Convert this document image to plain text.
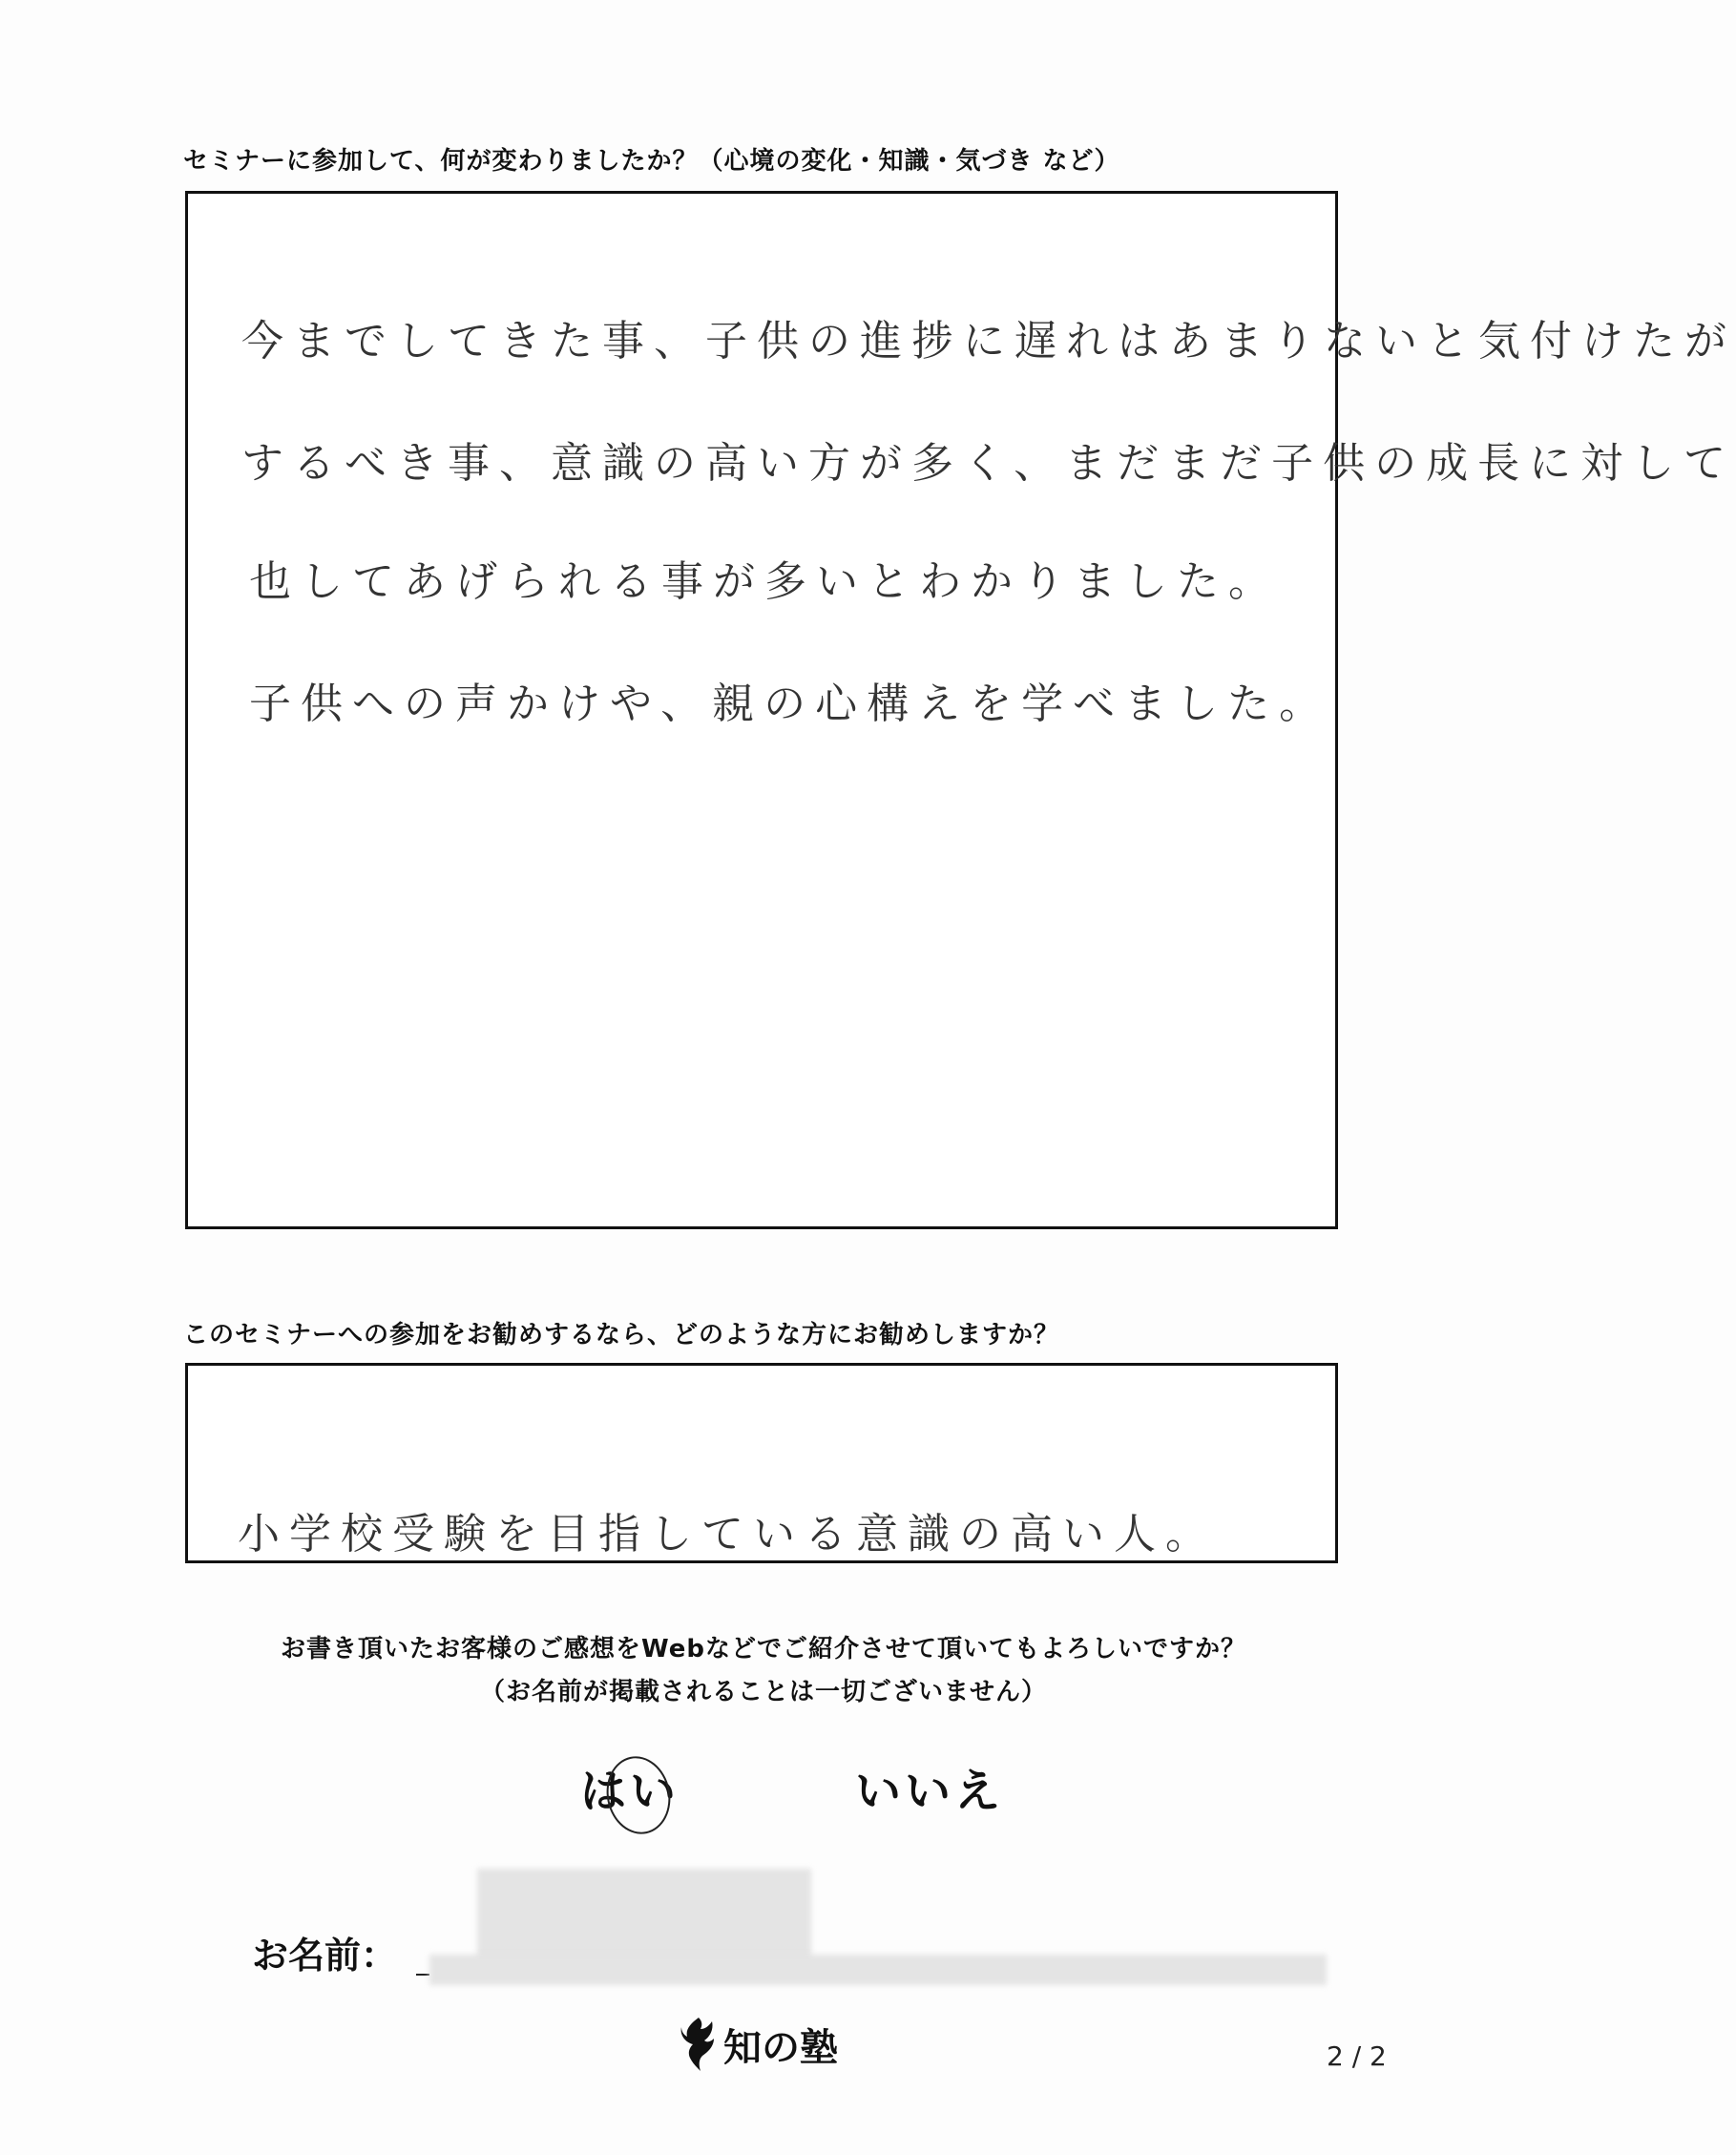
セミナーに参加して、何が変わりましたか？（心境の変化・知識・気づき など）
今までしてきた事、子供の進捗に遅れはあまりないと気付けたが
するべき事、意識の高い方が多く、まだまだ子供の成長に対して
也してあげられる事が多いとわかりました。
子供への声かけや、親の心構えを学べました。
このセミナーへの参加をお勧めするなら、どのような方にお勧めしますか？
小学校受験を目指している意識の高い人。
お書き頂いたお客様のご感想をWebなどでご紹介させて頂いてもよろしいですか？
（お名前が掲載されることは一切ございません）
はい	いいえ
お名前：
知の塾	2 / 2
